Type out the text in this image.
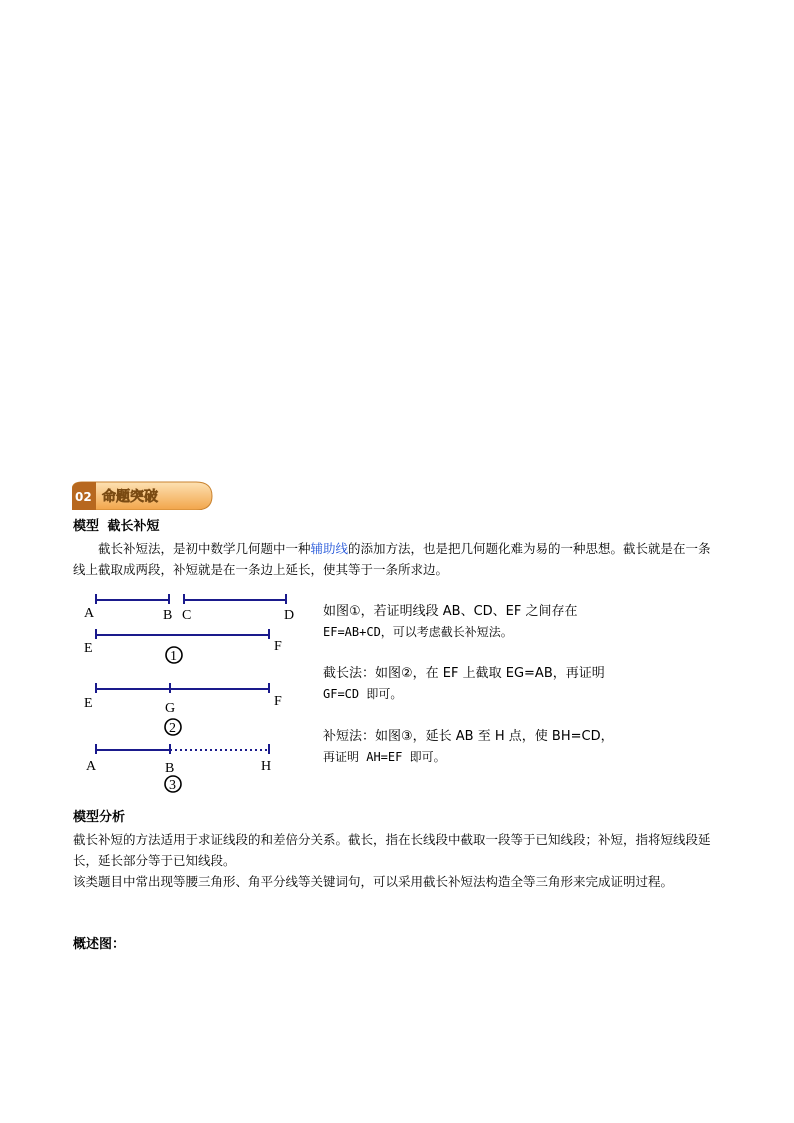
02 命题突破
模型 截长补短
截长补短法，是初中数学几何题中一种辅助线的添加方法，也是把几何题化难为易的一种思想。截长就是在一条线上截取成两段，补短就是在一条边上延长，使其等于一条所求边。
A	B C	D
E	F
1
E	G	F
2
A	B	H
3
如图①，若证明线段 AB、CD、EF 之间存在
EF=AB+CD，可以考虑截长补短法。
截长法：如图②，在 EF 上截取 EG=AB，再证明
GF=CD 即可。
补短法：如图③，延长 AB 至 H 点，使 BH=CD，
再证明 AH=EF 即可。
模型分析
截长补短的方法适用于求证线段的和差倍分关系。截长，指在长线段中截取一段等于已知线段；补短，指将短线段延长，延长部分等于已知线段。
该类题目中常出现等腰三角形、角平分线等关键词句，可以采用截长补短法构造全等三角形来完成证明过程。
概述图：
